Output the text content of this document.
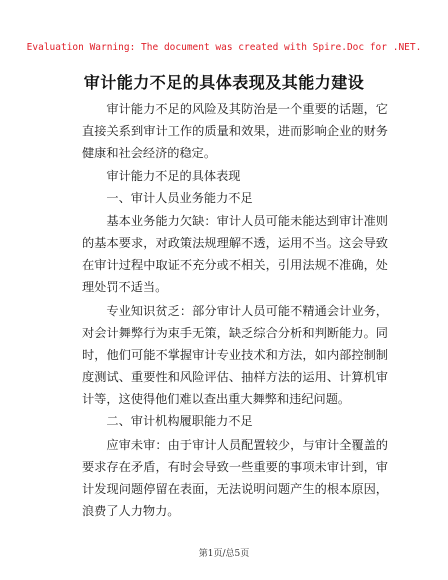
Evaluation Warning: The document was created with Spire.Doc for .NET.
审计能力不足的具体表现及其能力建设

审计能力不足的风险及其防治是一个重要的话题，它直接关系到审计工作的质量和效果，进而影响企业的财务健康和社会经济的稳定。

审计能力不足的具体表现

一、审计人员业务能力不足

基本业务能力欠缺：审计人员可能未能达到审计准则的基本要求，对政策法规理解不透，运用不当。这会导致在审计过程中取证不充分或不相关，引用法规不准确，处理处罚不适当。

专业知识贫乏：部分审计人员可能不精通会计业务，对会计舞弊行为束手无策，缺乏综合分析和判断能力。同时，他们可能不掌握审计专业技术和方法，如内部控制制度测试、重要性和风险评估、抽样方法的运用、计算机审计等，这使得他们难以查出重大舞弊和违纪问题。

二、审计机构履职能力不足

应审未审：由于审计人员配置较少，与审计全覆盖的要求存在矛盾，有时会导致一些重要的事项未审计到，审计发现问题停留在表面，无法说明问题产生的根本原因，浪费了人力物力。

第1页/总5页
